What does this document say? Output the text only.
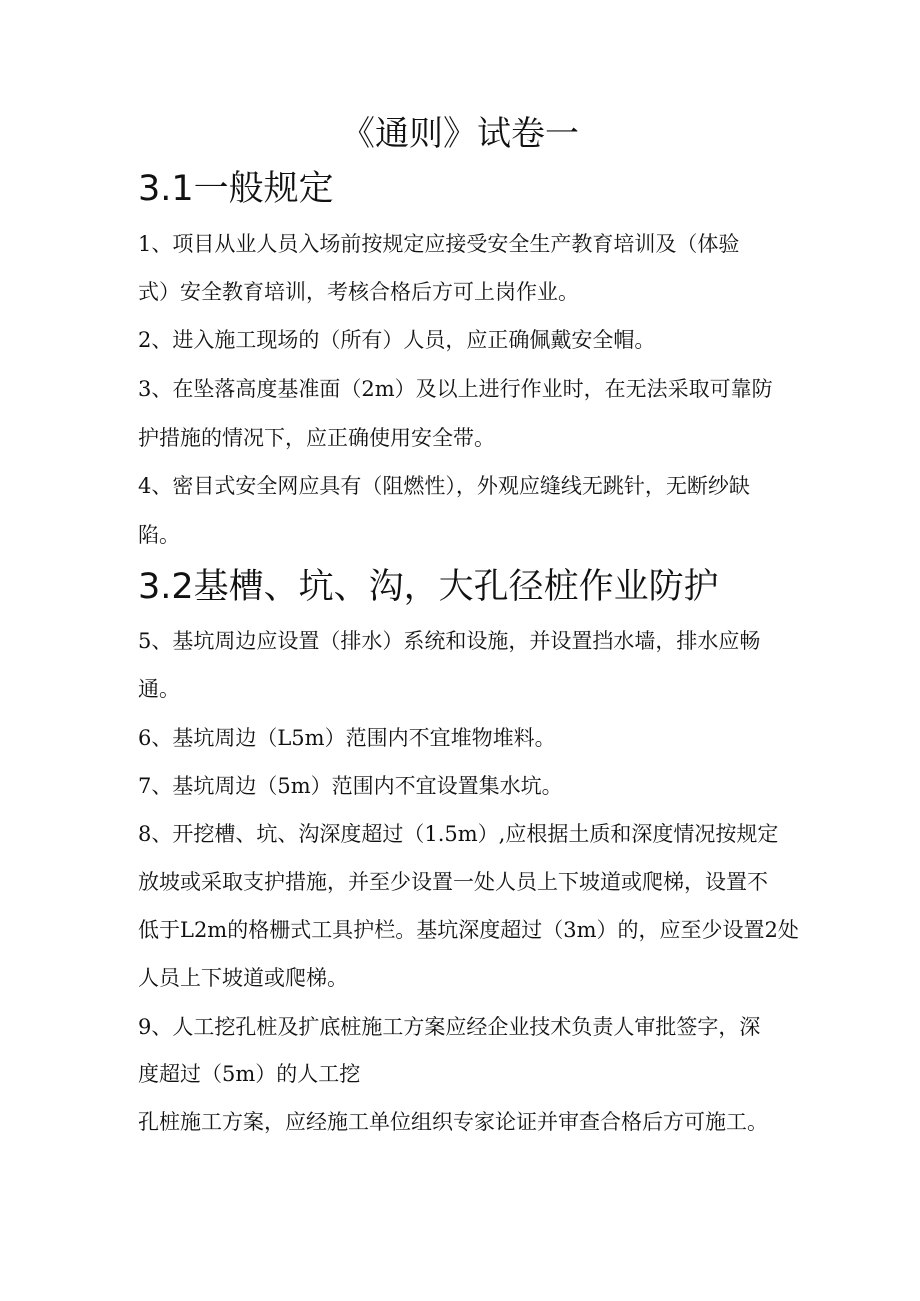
《通则》试卷一
3.1一般规定
1、项目从业人员入场前按规定应接受安全生产教育培训及（体验
式）安全教育培训，考核合格后方可上岗作业。
2、进入施工现场的（所有）人员，应正确佩戴安全帽。
3、在坠落高度基准面（2m）及以上进行作业时，在无法采取可靠防
护措施的情况下，应正确使用安全带。
4、密目式安全网应具有（阻燃性），外观应缝线无跳针，无断纱缺
陷。
3.2基槽、坑、沟，大孔径桩作业防护
5、基坑周边应设置（排水）系统和设施，并设置挡水墙，排水应畅
通。
6、基坑周边（L5m）范围内不宜堆物堆料。
7、基坑周边（5m）范围内不宜设置集水坑。
8、开挖槽、坑、沟深度超过（1.5m）,应根据土质和深度情况按规定
放坡或采取支护措施，并至少设置一处人员上下坡道或爬梯，设置不
低于L2m的格栅式工具护栏。基坑深度超过（3m）的，应至少设置2处
人员上下坡道或爬梯。
9、人工挖孔桩及扩底桩施工方案应经企业技术负责人审批签字，深
度超过（5m）的人工挖
孔桩施工方案，应经施工单位组织专家论证并审查合格后方可施工。
